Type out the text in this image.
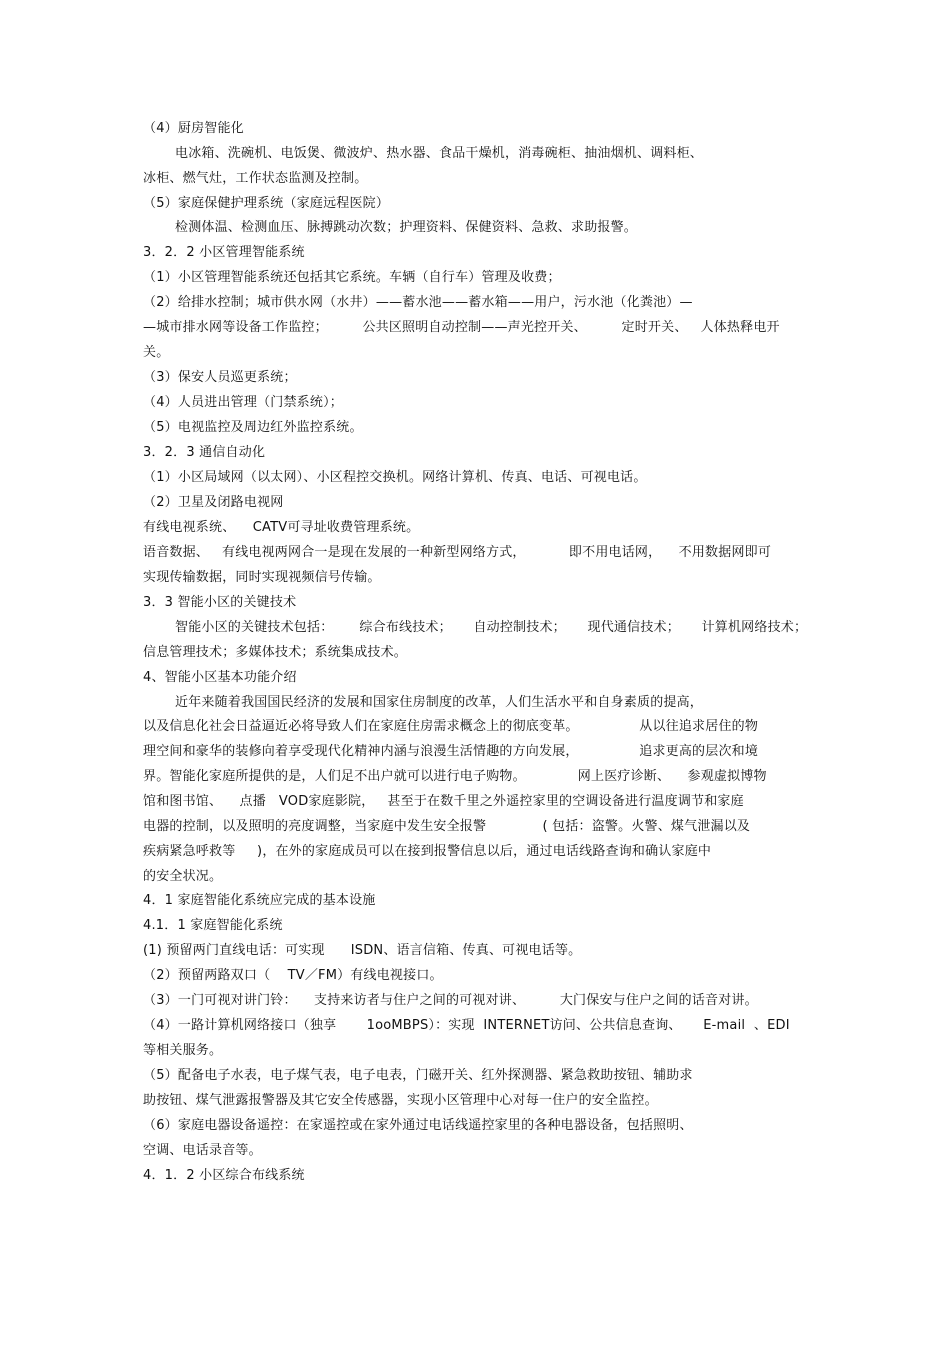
（4）厨房智能化
电冰箱、洗碗机、电饭煲、微波炉、热水器、食品干燥机，消毒碗柜、抽油烟机、调料柜、
冰柜、燃气灶，工作状态监测及控制。
（5）家庭保健护理系统（家庭远程医院）
检测体温、检测血压、脉搏跳动次数；护理资料、保健资料、急救、求助报警。
3．2．2 小区管理智能系统
（1）小区管理智能系统还包括其它系统。车辆（自行车）管理及收费；
（2）给排水控制；城市供水网（水井）——蓄水池——蓄水箱——用户，污水池（化粪池）—
—城市排水网等设备工作监控；        公共区照明自动控制——声光控开关、        定时开关、   人体热释电开
关。
（3）保安人员巡更系统；
（4）人员进出管理（门禁系统）；
（5）电视监控及周边红外监控系统。
3．2．3 通信自动化
（1）小区局域网（以太网）、小区程控交换机。网络计算机、传真、电话、可视电话。
（2）卫星及闭路电视网
有线电视系统、    CATV可寻址收费管理系统。
语音数据、   有线电视两网合一是现在发展的一种新型网络方式，          即不用电话网，    不用数据网即可
实现传输数据，同时实现视频信号传输。
3．3 智能小区的关键技术
智能小区的关键技术包括：      综合布线技术；     自动控制技术；     现代通信技术；     计算机网络技术；
信息管理技术；多媒体技术；系统集成技术。
4、智能小区基本功能介绍
近年来随着我国国民经济的发展和国家住房制度的改革，人们生活水平和自身素质的提高，
以及信息化社会日益逼近必将导致人们在家庭住房需求概念上的彻底变革。              从以往追求居住的物
理空间和豪华的装修向着享受现代化精神内涵与浪漫生活情趣的方向发展，              追求更高的层次和境
界。智能化家庭所提供的是，人们足不出户就可以进行电子购物。            网上医疗诊断、    参观虚拟博物
馆和图书馆、    点播   VOD家庭影院，   甚至于在数千里之外遥控家里的空调设备进行温度调节和家庭
电器的控制，以及照明的亮度调整，当家庭中发生安全报警             ( 包括：盗警。火警、煤气泄漏以及
疾病紧急呼救等     )，在外的家庭成员可以在接到报警信息以后，通过电话线路查询和确认家庭中
的安全状况。
4．1 家庭智能化系统应完成的基本设施
4.1．1 家庭智能化系统
(1) 预留两门直线电话：可实现      ISDN、语言信箱、传真、可视电话等。
（2）预留两路双口（    TV／FM）有线电视接口。
（3）一门可视对讲门铃：    支持来访者与住户之间的可视对讲、        大门保安与住户之间的话音对讲。
（4）一路计算机网络接口（独享       1ooMBPS）：实现  INTERNET访问、公共信息查询、     E-mail  、EDI
等相关服务。
（5）配备电子水表，电子煤气表，电子电表，门磁开关、红外探测器、紧急救助按钮、辅助求
助按钮、煤气泄露报警器及其它安全传感器，实现小区管理中心对每一住户的安全监控。
（6）家庭电器设备遥控：在家遥控或在家外通过电话线遥控家里的各种电器设备，包括照明、
空调、电话录音等。
4．1．2 小区综合布线系统
